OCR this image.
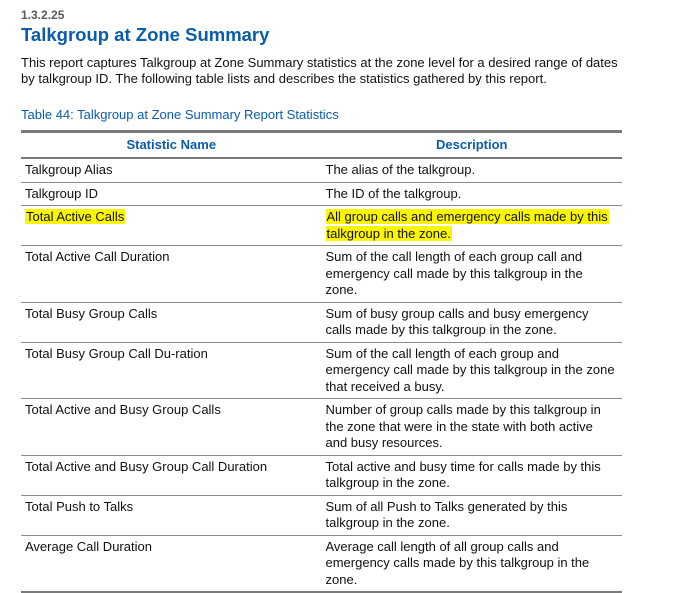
1.3.2.25
Talkgroup at Zone Summary
This report captures Talkgroup at Zone Summary statistics at the zone level for a desired range of dates by talkgroup ID. The following table lists and describes the statistics gathered by this report.
Table 44: Talkgroup at Zone Summary Report Statistics
Statistic Name	Description
Talkgroup Alias	The alias of the talkgroup.
Talkgroup ID	The ID of the talkgroup.
Total Active Calls	All group calls and emergency calls made by this talkgroup in the zone.
Total Active Call Duration	Sum of the call length of each group call and emergency call made by this talkgroup in the zone.
Total Busy Group Calls	Sum of busy group calls and busy emergency calls made by this talkgroup in the zone.
Total Busy Group Call Du-ration	Sum of the call length of each group and emergency call made by this talkgroup in the zone that received a busy.
Total Active and Busy Group Calls	Number of group calls made by this talkgroup in the zone that were in the state with both active and busy resources.
Total Active and Busy Group Call Duration	Total active and busy time for calls made by this talkgroup in the zone.
Total Push to Talks	Sum of all Push to Talks generated by this talkgroup in the zone.
Average Call Duration	Average call length of all group calls and emergency calls made by this talkgroup in the zone.
